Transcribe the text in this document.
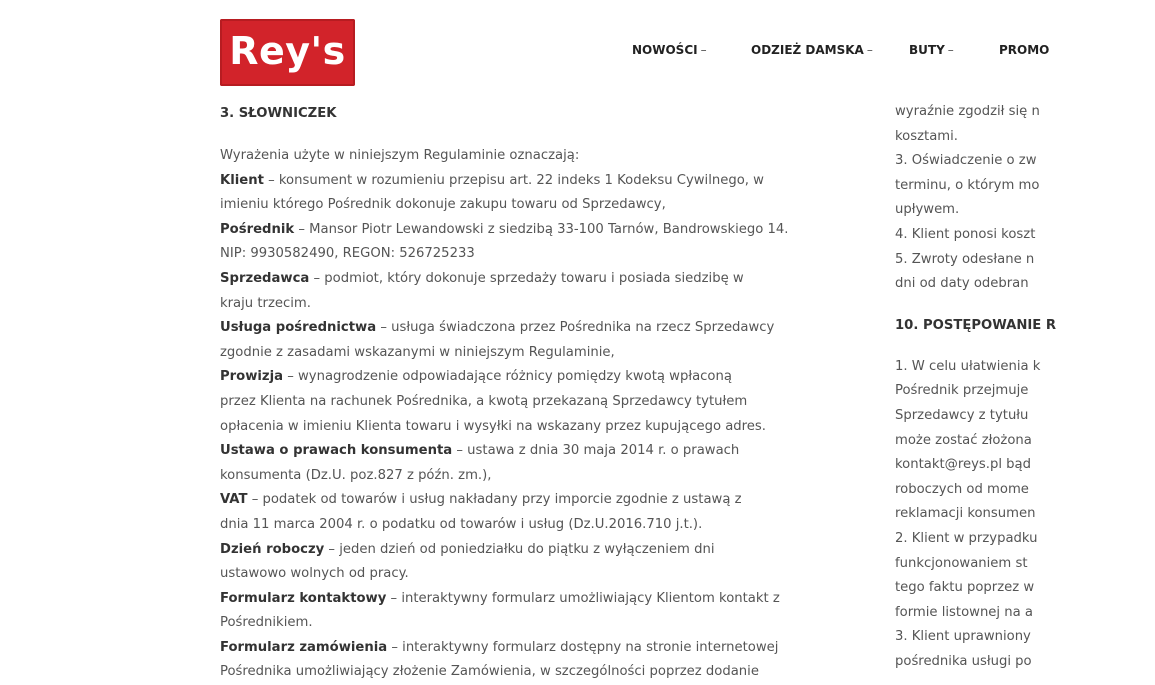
Rey's	NOWOŚCI –	ODZIEŻ DAMSKA –	BUTY –	PROMO
3. SŁOWNICZEK

Wyrażenia użyte w niniejszym Regulaminie oznaczają:

Klient – konsument w rozumieniu przepisu art. 22 indeks 1 Kodeksu Cywilnego, w
imieniu którego Pośrednik dokonuje zakupu towaru od Sprzedawcy,

Pośrednik – Mansor Piotr Lewandowski z siedzibą 33-100 Tarnów, Bandrowskiego 14.
NIP: 9930582490, REGON: 526725233

Sprzedawca – podmiot, który dokonuje sprzedaży towaru i posiada siedzibę w
kraju trzecim.

Usługa pośrednictwa – usługa świadczona przez Pośrednika na rzecz Sprzedawcy
zgodnie z zasadami wskazanymi w niniejszym Regulaminie,

Prowizja – wynagrodzenie odpowiadające różnicy pomiędzy kwotą wpłaconą
przez Klienta na rachunek Pośrednika, a kwotą przekazaną Sprzedawcy tytułem
opłacenia w imieniu Klienta towaru i wysyłki na wskazany przez kupującego adres.

Ustawa o prawach konsumenta – ustawa z dnia 30 maja 2014 r. o prawach
konsumenta (Dz.U. poz.827 z późn. zm.),

VAT – podatek od towarów i usług nakładany przy imporcie zgodnie z ustawą z
dnia 11 marca 2004 r. o podatku od towarów i usług (Dz.U.2016.710 j.t.).

Dzień roboczy – jeden dzień od poniedziałku do piątku z wyłączeniem dni
ustawowo wolnych od pracy.

Formularz kontaktowy – interaktywny formularz umożliwiający Klientom kontakt z
Pośrednikiem.

Formularz zamówienia – interaktywny formularz dostępny na stronie internetowej
Pośrednika umożliwiający złożenie Zamówienia, w szczególności poprzez dodanie

wyraźnie zgodził się n

kosztami.

3. Oświadczenie o zw

terminu, o którym mo

upływem.

4. Klient ponosi koszt

5. Zwroty odesłane n

dni od daty odebran

10. POSTĘPOWANIE R

1. W celu ułatwienia k

Pośrednik przejmuje

Sprzedawcy z tytułu

może zostać złożona

kontakt@reys.pl bąd

roboczych od mome

reklamacji konsumen

2. Klient w przypadku

funkcjonowaniem st

tego faktu poprzez w

formie listownej na a

3. Klient uprawniony

pośrednika usługi po
